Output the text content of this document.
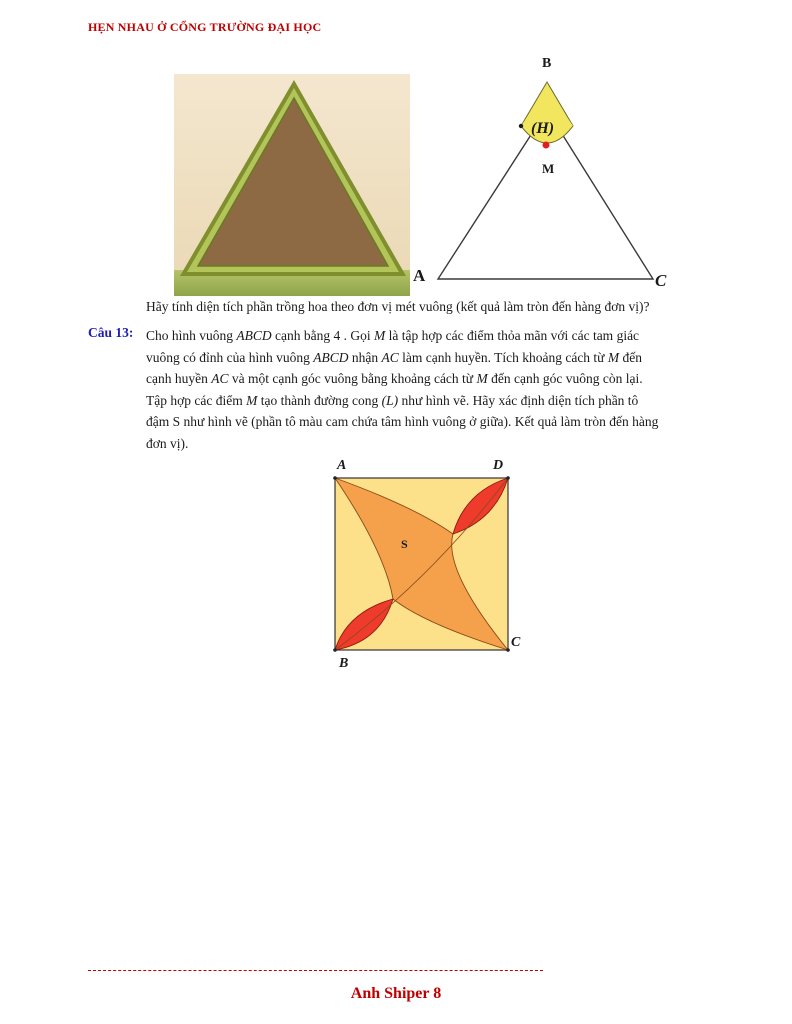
HẸN NHAU Ở CỔNG TRƯỜNG ĐẠI HỌC
B
(H)
M
A	C
Hãy tính diện tích phần trồng hoa theo đơn vị mét vuông (kết quả làm tròn đến hàng đơn vị)?
Câu 13: Cho hình vuông ABCD cạnh bằng 4 . Gọi M là tập hợp các điểm thỏa mãn với các tam giác
vuông có đỉnh của hình vuông ABCD nhận AC làm cạnh huyền. Tích khoảng cách từ M đến
cạnh huyền AC và một cạnh góc vuông bằng khoảng cách từ M đến cạnh góc vuông còn lại.
Tập hợp các điểm M tạo thành đường cong (L) như hình vẽ. Hãy xác định diện tích phần tô
đậm S như hình vẽ (phần tô màu cam chứa tâm hình vuông ở giữa). Kết quả làm tròn đến hàng
đơn vị).
A	D
C
B
S
Anh Shiper 8
